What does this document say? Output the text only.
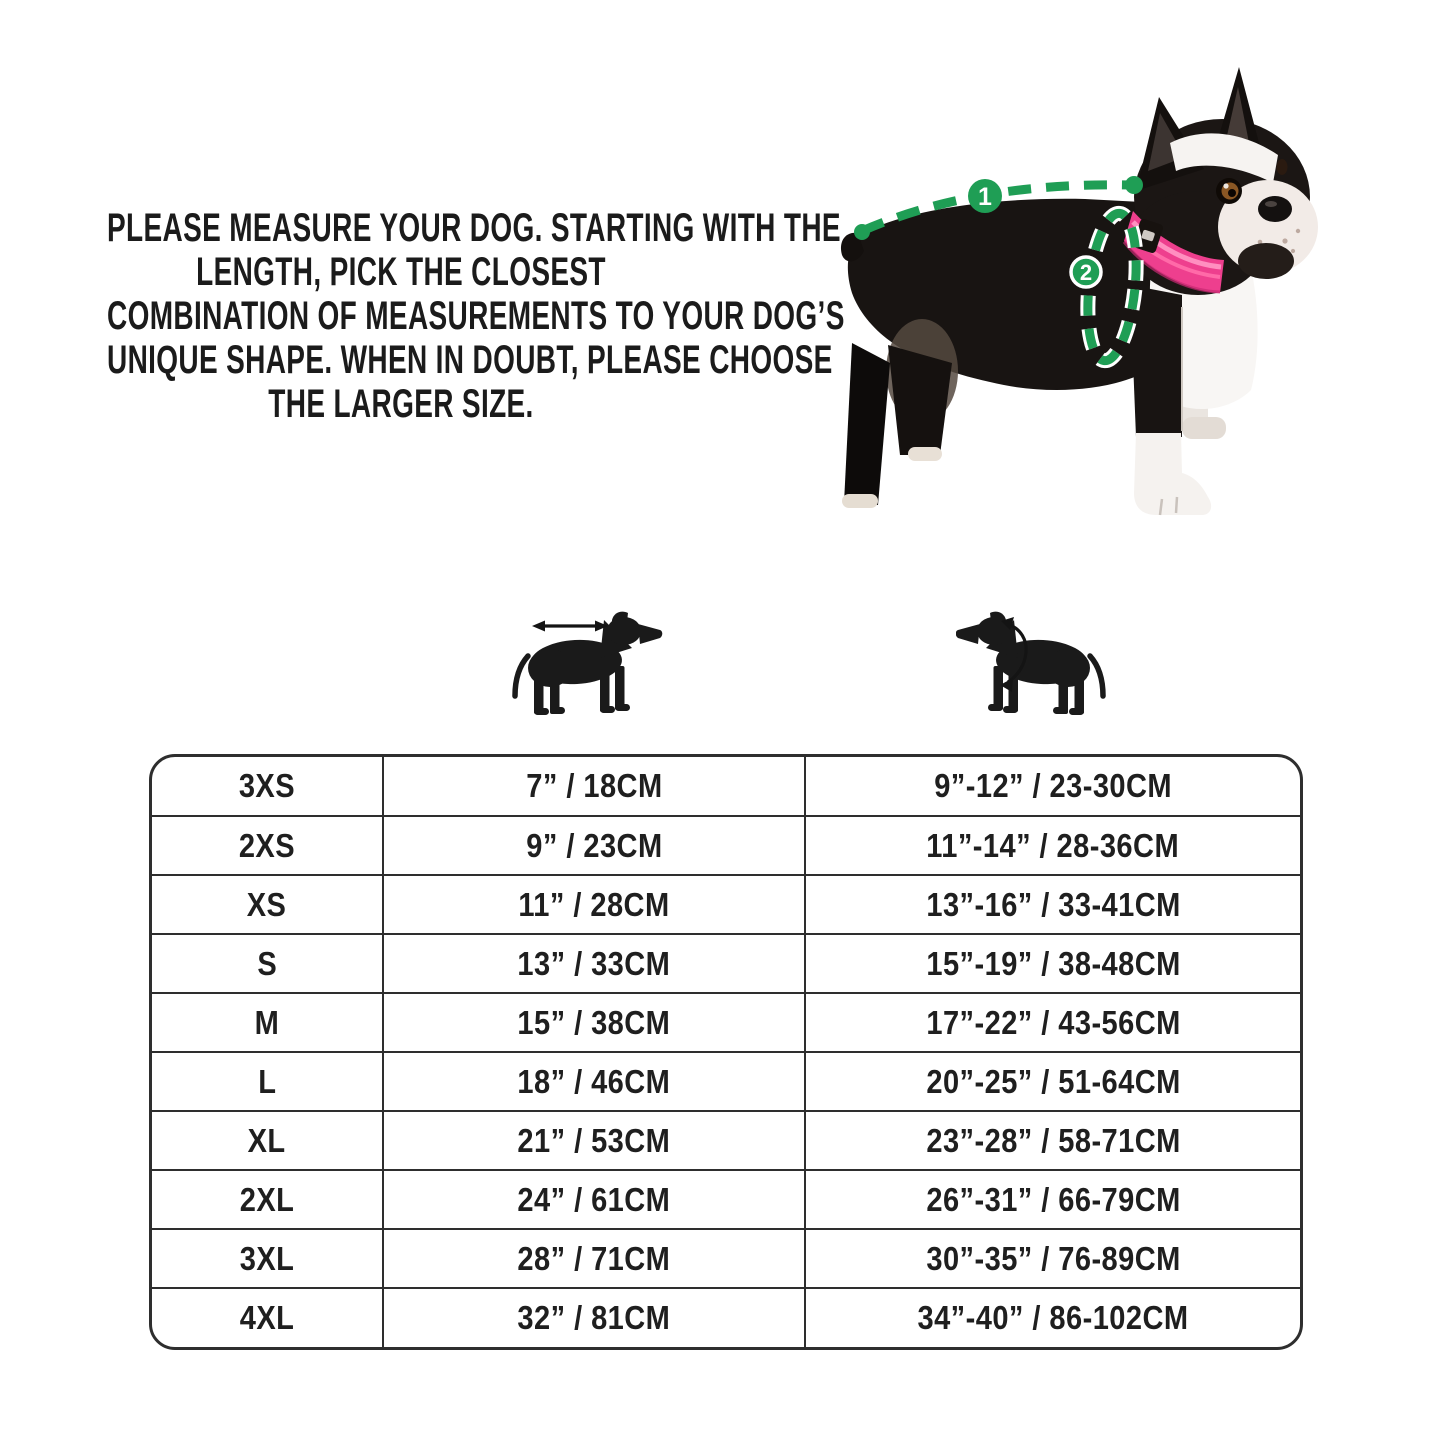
PLEASE MEASURE YOUR DOG. STARTING WITH THE
LENGTH, PICK THE CLOSEST
COMBINATION OF MEASUREMENTS TO YOUR DOG’S
UNIQUE SHAPE. WHEN IN DOUBT, PLEASE CHOOSE
THE LARGER SIZE.
1
2
3XS	7” / 18CM	9”-12” / 23-30CM
2XS	9” / 23CM	11”-14” / 28-36CM
XS	11” / 28CM	13”-16” / 33-41CM
S	13” / 33CM	15”-19” / 38-48CM
M	15” / 38CM	17”-22” / 43-56CM
L	18” / 46CM	20”-25” / 51-64CM
XL	21” / 53CM	23”-28” / 58-71CM
2XL	24” / 61CM	26”-31” / 66-79CM
3XL	28” / 71CM	30”-35” / 76-89CM
4XL	32” / 81CM	34”-40” / 86-102CM
